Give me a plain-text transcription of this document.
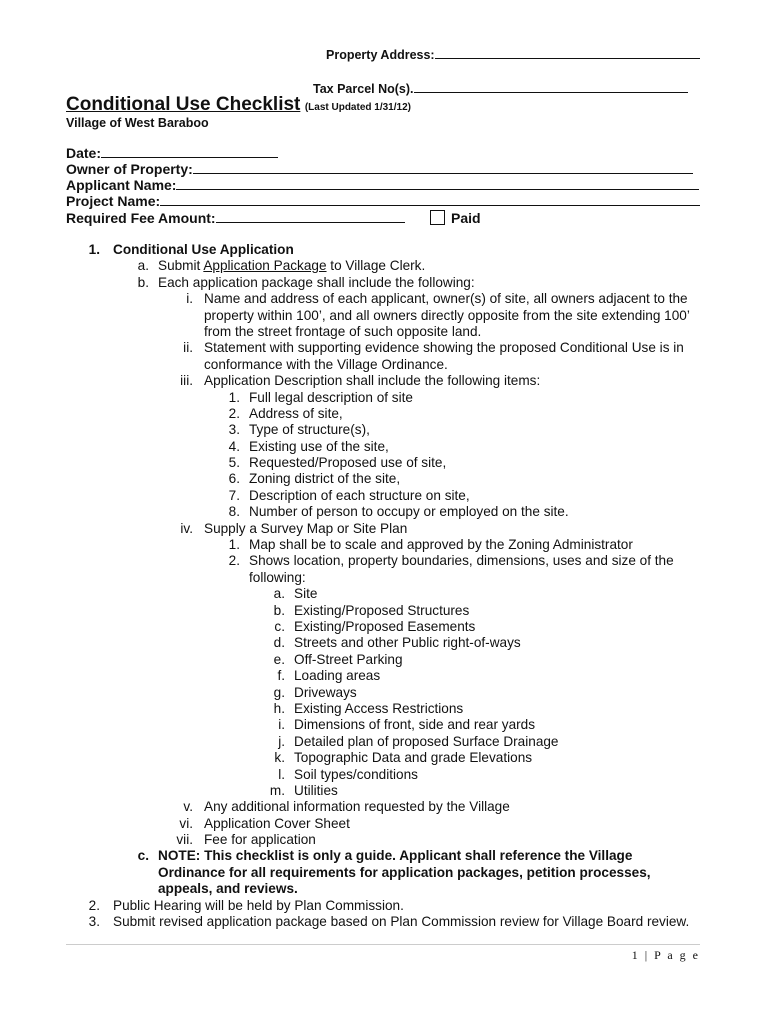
Property Address:
Tax Parcel No(s).
Conditional Use Checklist (Last Updated 1/31/12)
Village of West Baraboo
Date:
Owner of Property:
Applicant Name:
Project Name:
Required Fee Amount:	Paid
1. Conditional Use Application
a. Submit Application Package to Village Clerk.
b. Each application package shall include the following:
i. Name and address of each applicant, owner(s) of site, all owners adjacent to the
property within 100’, and all owners directly opposite from the site extending 100’
from the street frontage of such opposite land.
ii. Statement with supporting evidence showing the proposed Conditional Use is in
conformance with the Village Ordinance.
iii. Application Description shall include the following items:
1. Full legal description of site
2. Address of site,
3. Type of structure(s),
4. Existing use of the site,
5. Requested/Proposed use of site,
6. Zoning district of the site,
7. Description of each structure on site,
8. Number of person to occupy or employed on the site.
iv. Supply a Survey Map or Site Plan
1. Map shall be to scale and approved by the Zoning Administrator
2. Shows location, property boundaries, dimensions, uses and size of the
following:
a. Site
b. Existing/Proposed Structures
c. Existing/Proposed Easements
d. Streets and other Public right-of-ways
e. Off-Street Parking
f. Loading areas
g. Driveways
h. Existing Access Restrictions
i. Dimensions of front, side and rear yards
j. Detailed plan of proposed Surface Drainage
k. Topographic Data and grade Elevations
l. Soil types/conditions
m. Utilities
v. Any additional information requested by the Village
vi. Application Cover Sheet
vii. Fee for application
c. NOTE: This checklist is only a guide. Applicant shall reference the Village
Ordinance for all requirements for application packages, petition processes,
appeals, and reviews.
2. Public Hearing will be held by Plan Commission.
3. Submit revised application package based on Plan Commission review for Village Board review.
1 | P a g e
